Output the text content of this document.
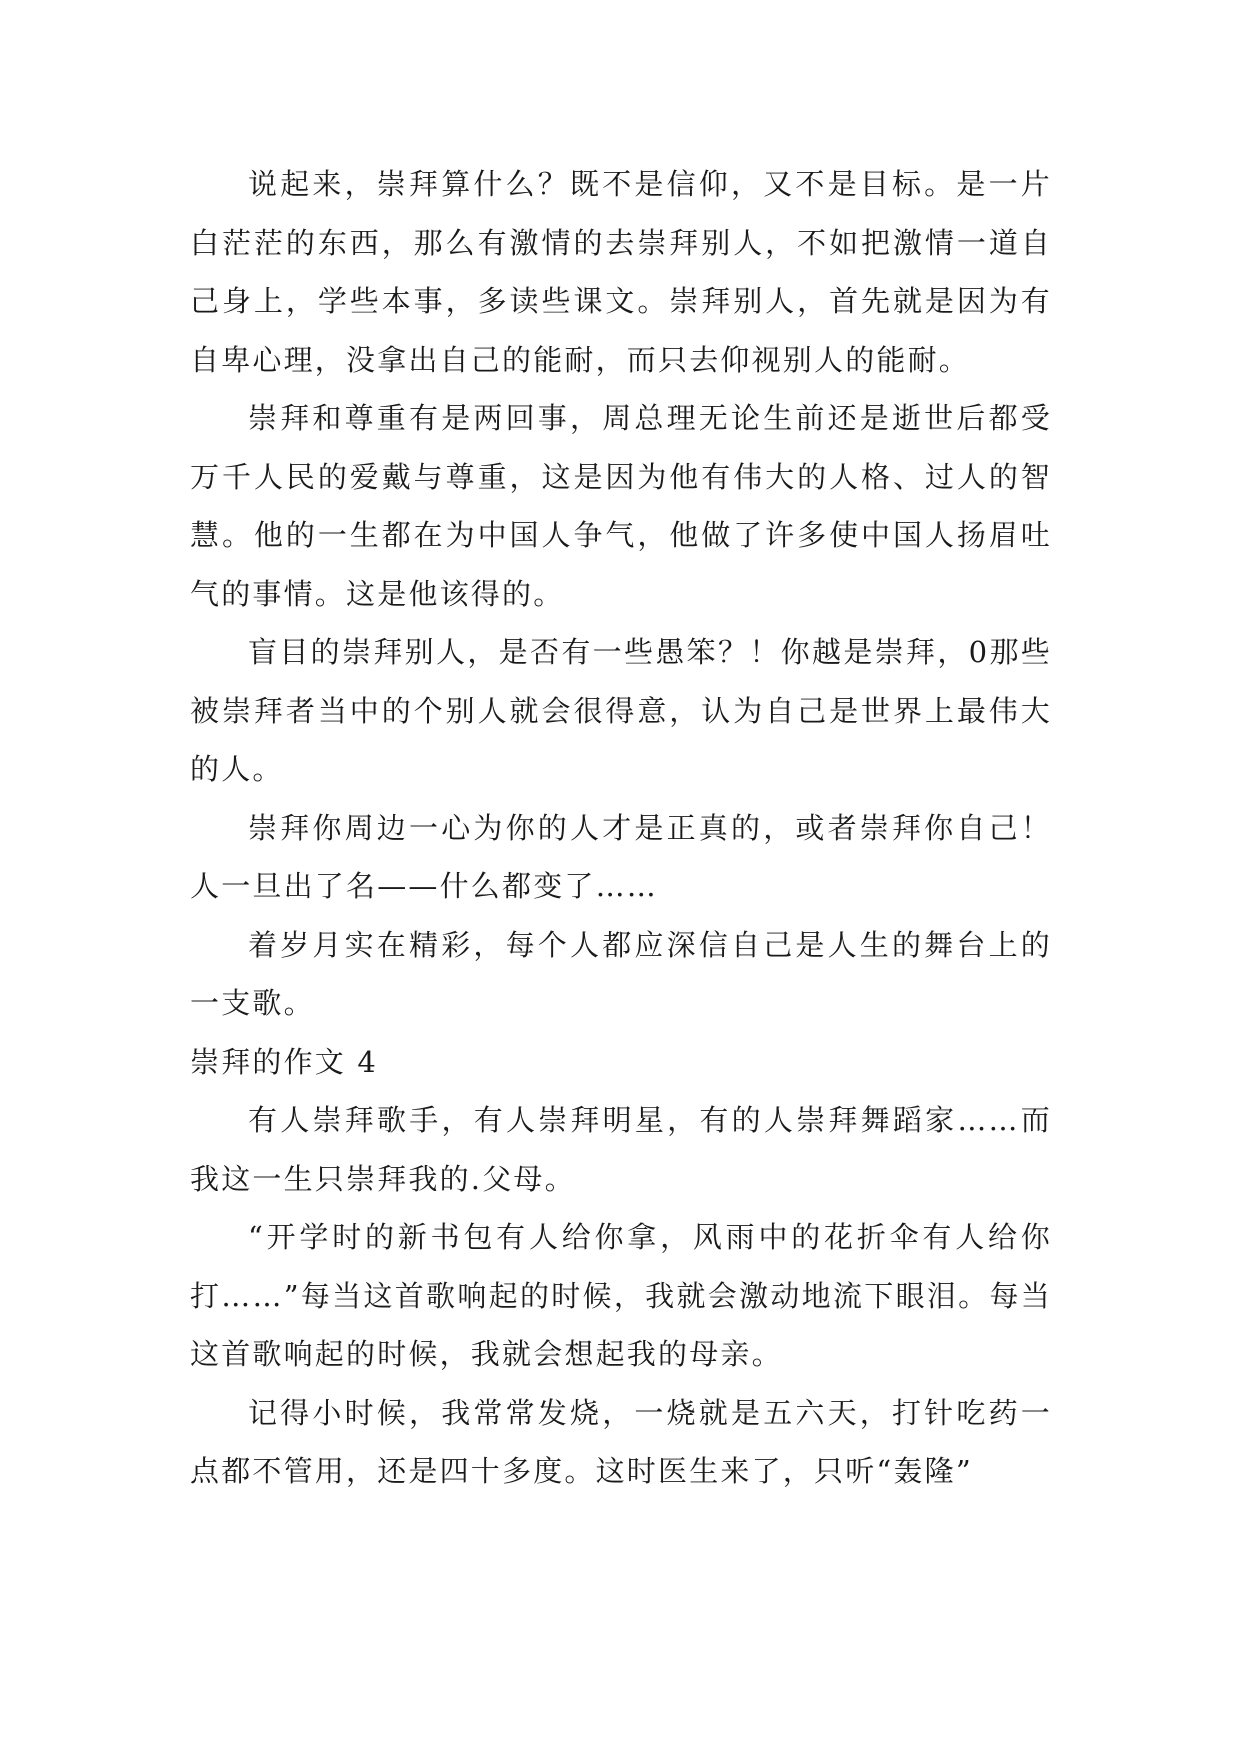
说起来，崇拜算什么？既不是信仰，又不是目标。是一片白茫茫的东西，那么有激情的去崇拜别人，不如把激情一道自己身上，学些本事，多读些课文。崇拜别人，首先就是因为有自卑心理，没拿出自己的能耐，而只去仰视别人的能耐。

崇拜和尊重有是两回事，周总理无论生前还是逝世后都受万千人民的爱戴与尊重，这是因为他有伟大的人格、过人的智慧。他的一生都在为中国人争气，他做了许多使中国人扬眉吐气的事情。这是他该得的。

盲目的崇拜别人，是否有一些愚笨？！你越是崇拜，0那些被崇拜者当中的个别人就会很得意，认为自己是世界上最伟大的人。

崇拜你周边一心为你的人才是正真的，或者崇拜你自己！人一旦出了名——什么都变了……

着岁月实在精彩，每个人都应深信自己是人生的舞台上的一支歌。

崇拜的作文 4

有人崇拜歌手，有人崇拜明星，有的人崇拜舞蹈家……而我这一生只崇拜我的.父母。

“开学时的新书包有人给你拿，风雨中的花折伞有人给你打……”每当这首歌响起的时候，我就会激动地流下眼泪。每当这首歌响起的时候，我就会想起我的母亲。

记得小时候，我常常发烧，一烧就是五六天，打针吃药一点都不管用，还是四十多度。这时医生来了，只听“轰隆”
